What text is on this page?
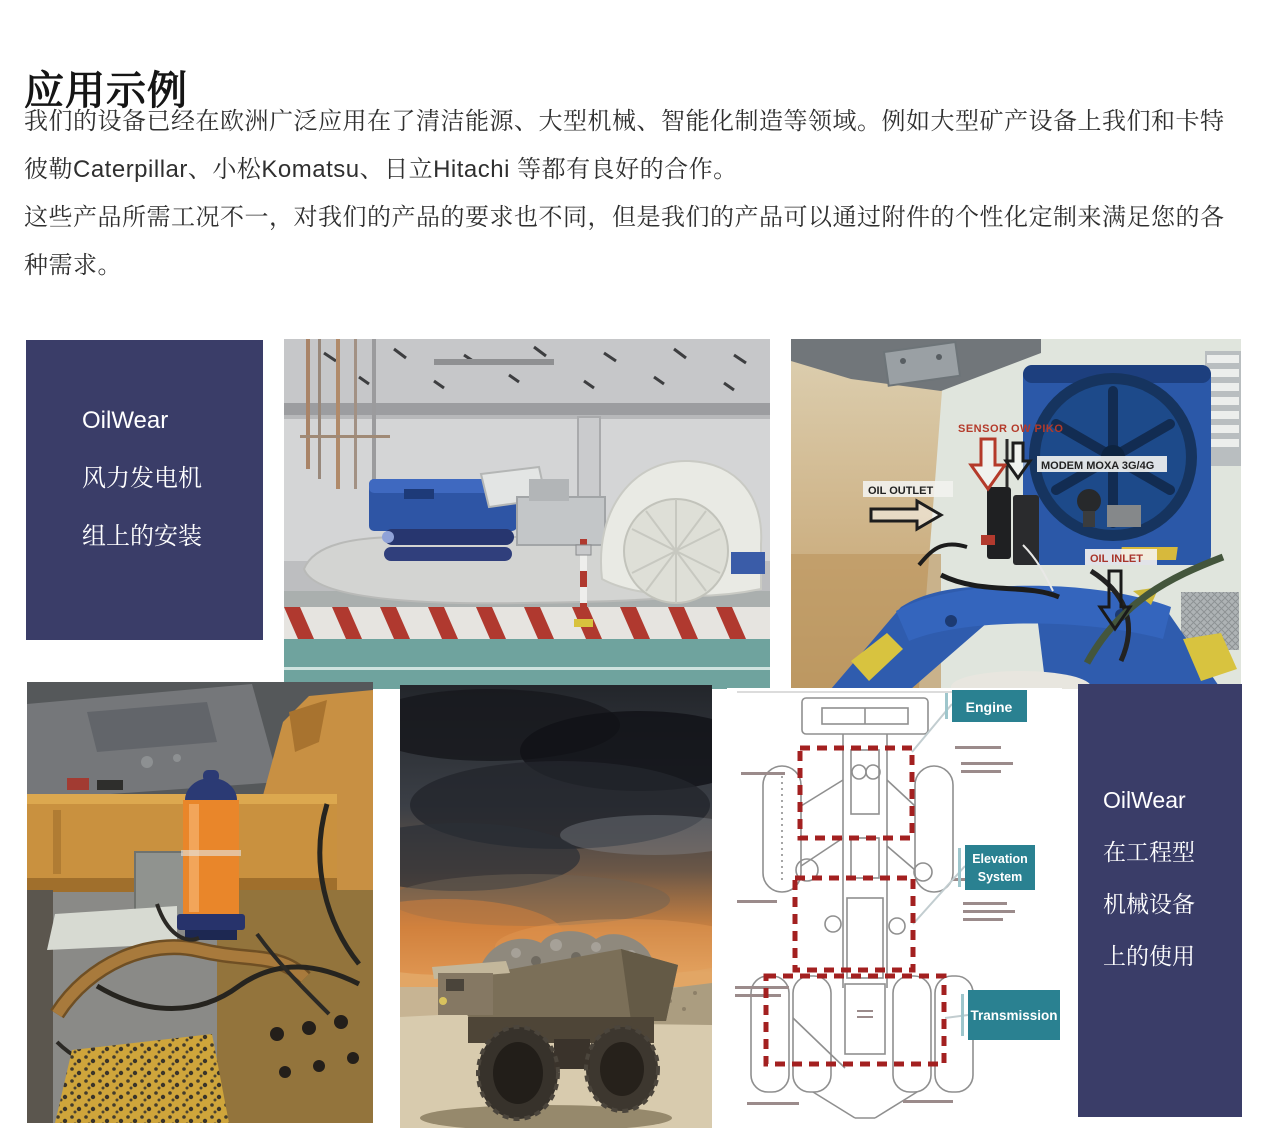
应用示例
我们的设备已经在欧洲广泛应用在了清洁能源、大型机械、智能化制造等领域。例如大型矿产设备上我们和卡特
彼勒Caterpillar、小松Komatsu、日立Hitachi 等都有良好的合作。
这些产品所需工况不一，对我们的产品的要求也不同，但是我们的产品可以通过附件的个性化定制来满足您的各
种需求。
OilWear
风力发电机
组上的安装
SENSOR OW PIKO
MODEM MOXA 3G/4G
OIL OUTLET
OIL INLET
Engine
Elevation
System
Transmission
OilWear
在工程型
机械设备
上的使用
